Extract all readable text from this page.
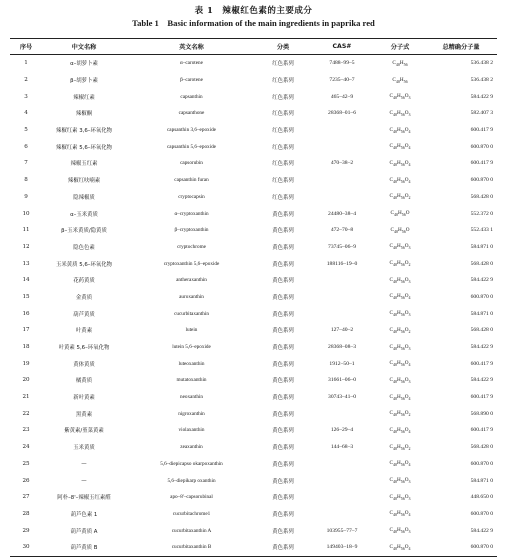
表 1　辣椒红色素的主要成分
Table 1　Basic information of the main ingredients in paprika red
序号	中文名称	英文名称	分类	CAS#	分子式	总精确分子量
1	α–胡萝卜素	α–carotene	红色系列	7488–99–5	$C_{40}H_{56}$	536.438 2
2	β–胡萝卜素	β–carotene	红色系列	7235–40–7	$C_{40}H_{56}$	536.438 2
3	辣椒红素	capsanthin	红色系列	465–42–9	$C_{40}H_{56}O_3$	584.422 9
4	辣椒酮	capsanthone	红色系列	28368–01–6	$C_{40}H_{56}O_3$	582.407 3
5	辣椒红素 3,6–环氧化物	capsanthin 3,6–epoxide	红色系列		$C_{40}H_{56}O_4$	600.417 9
6	辣椒红素 5,6–环氧化物	capsanthin 5,6–epoxide	红色系列		$C_{40}H_{56}O_4$	600.870 0
7	辣椒玉红素	capsorubin	红色系列	470–38–2	$C_{40}H_{56}O_4$	600.417 9
8	辣椒红呋喃素	capsanthin furan	红色系列		$C_{40}H_{56}O_4$	600.870 0
9	隐辣椒质	cryptocapsin	红色系列		$C_{40}H_{56}O_2$	568.428 0
10	α–玉米黄质	α–cryptoxanthin	黄色系列	24480–38–4	$C_{40}H_{56}O$	552.372 0
11	β–玉米黄质/隐黄质	β–cryptoxanthin	黄色系列	472–70–8	$C_{40}H_{56}O$	552.433 1
12	隐色色素	cryptochrome	黄色系列	73745–06–9	$C_{40}H_{56}O_3$	584.871 0
13	玉米黄质 5,6–环氧化物	cryptoxanthin 5,6–epoxide	黄色系列	188116–19–0	$C_{40}H_{56}O_2$	568.428 0
14	花药黄质	antheraxanthin	黄色系列		$C_{40}H_{56}O_3$	584.422 9
15	金黄质	auroxanthin	黄色系列		$C_{40}H_{56}O_4$	600.870 0
16	葫芦黄质	cucurbitaxanthin	黄色系列		$C_{40}H_{56}O_3$	584.871 0
17	叶黄素	lutein	黄色系列	127–40–2	$C_{40}H_{56}O_2$	568.428 0
18	叶黄素 5,6–环氧化物	lutein 5,6–epoxide	黄色系列	28368–08–3	$C_{40}H_{56}O_3$	584.422 9
19	黄体黄质	luteoxanthin	黄色系列	1912–50–1	$C_{40}H_{56}O_4$	600.417 9
20	橘黄质	mutatoxanthin	黄色系列	31661–06–0	$C_{40}H_{56}O_3$	584.422 9
21	新叶黄素	neoxanthin	黄色系列	30743–41–0	$C_{40}H_{56}O_4$	600.417 9
22	黑黄素	nigroxanthin	黄色系列		$C_{40}H_{56}O_2$	568.890 0
23	紫黄素/堇菜黄素	violaxanthin	黄色系列	126–29–4	$C_{40}H_{56}O_4$	600.417 9
24	玉米黄质	zeaxanthin	黄色系列	144–68–3	$C_{40}H_{56}O_2$	568.428 0
25	—	5,6–diepicapso okarpoxanthin	黄色系列		$C_{40}H_{56}O_4$	600.870 0
26	—	5,6–diepikarp oxanthin	黄色系列		$C_{40}H_{56}O_3$	584.871 0
27	阿朴–8'–辣椒玉红素醛	apo–8'–capsorubinal	黄色系列		$C_{40}H_{56}O_3$	448.650 0
28	葫芦色素 1	cucurbitachrome1	黄色系列		$C_{40}H_{56}O_4$	600.870 0
29	葫芦黄质 A	cucurbitaxanthin A	黄色系列	103955–77–7	$C_{40}H_{56}O_3$	584.422 9
30	葫芦黄质 B	cucurbitaxanthin B	黄色系列	149403–18–9	$C_{40}H_{56}O_4$	600.870 0
